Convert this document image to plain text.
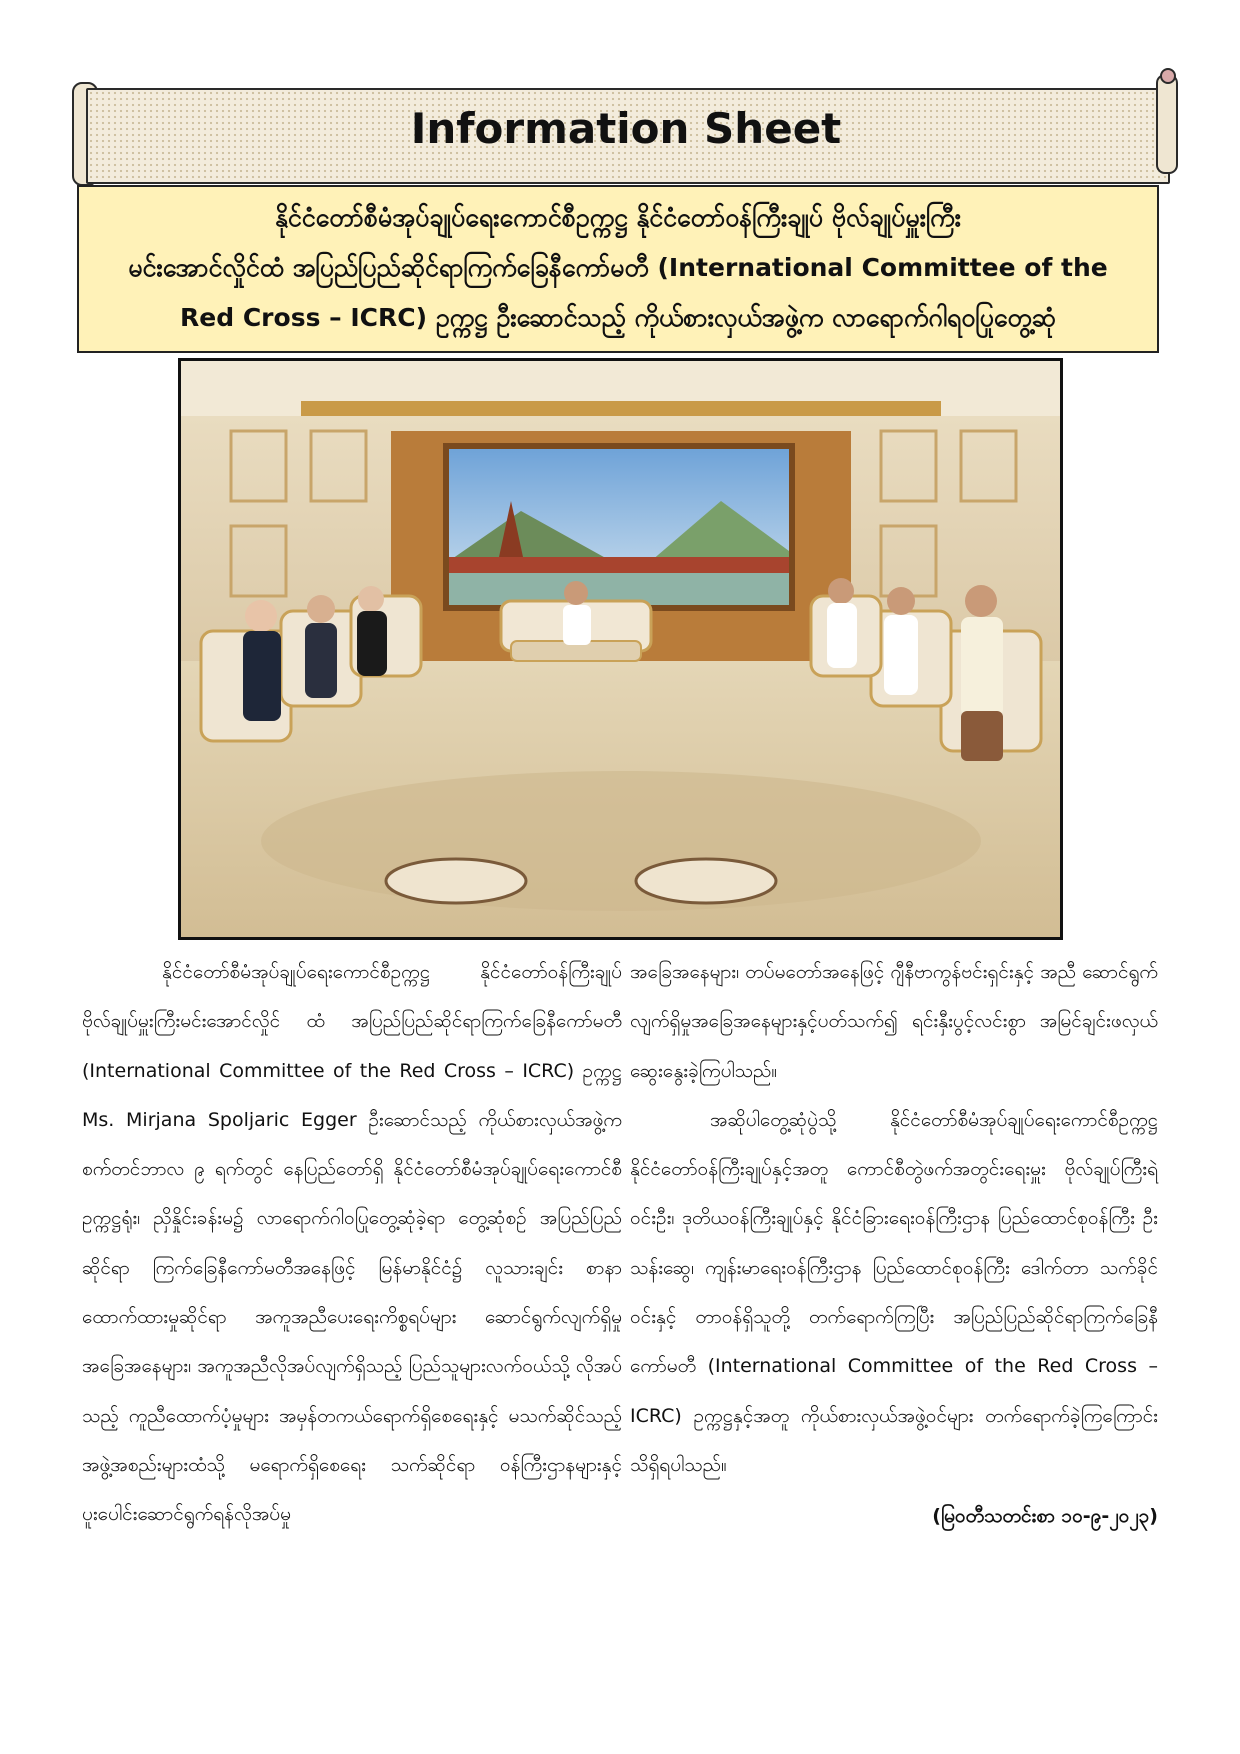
Information Sheet
နိုင်ငံတော်စီမံအုပ်ချုပ်ရေးကောင်စီဥက္ကဋ္ဌ နိုင်ငံတော်ဝန်ကြီးချုပ် ဗိုလ်ချုပ်မှူးကြီး
မင်းအောင်လှိုင်ထံ အပြည်ပြည်ဆိုင်ရာကြက်ခြေနီကော်မတီ (International Committee of the
Red Cross – ICRC) ဥက္ကဋ္ဌ ဦးဆောင်သည့် ကိုယ်စားလှယ်အဖွဲ့က လာရောက်ဂါရဝပြုတွေ့ဆုံ

နိုင်ငံတော်စီမံအုပ်ချုပ်ရေးကောင်စီဥက္ကဋ္ဌ နိုင်ငံတော်ဝန်ကြီးချုပ် ဗိုလ်ချုပ်မှူးကြီးမင်းအောင်လှိုင် ထံ အပြည်ပြည်ဆိုင်ရာကြက်ခြေနီကော်မတီ (International Committee of the Red Cross – ICRC) ဥက္ကဋ္ဌ Ms. Mirjana Spoljaric Egger ဦးဆောင်သည့် ကိုယ်စားလှယ်အဖွဲ့က စက်တင်ဘာလ ၉ ရက်တွင် နေပြည်တော်ရှိ နိုင်ငံတော်စီမံအုပ်ချုပ်ရေးကောင်စီဥက္ကဋ္ဌရုံး၊ ညှိနှိုင်းခန်းမ၌ လာရောက်ဂါဝပြုတွေ့ဆုံခဲ့ရာ တွေ့ဆုံစဉ် အပြည်ပြည်ဆိုင်ရာ ကြက်ခြေနီကော်မတီအနေဖြင့် မြန်မာနိုင်ငံ၌ လူသားချင်း စာနာထောက်ထားမှုဆိုင်ရာ အကူအညီပေးရေးကိစ္စရပ်များ ဆောင်ရွက်လျက်ရှိမှု အခြေအနေများ၊ အကူအညီလိုအပ်လျက်ရှိသည့် ပြည်သူများလက်ဝယ်သို့ လိုအပ်သည့် ကူညီထောက်ပံ့မှုများ အမှန်တကယ်ရောက်ရှိစေရေးနှင့် မသက်ဆိုင်သည့်အဖွဲ့အစည်းများထံသို့ မရောက်ရှိစေရေး သက်ဆိုင်ရာ ဝန်ကြီးဌာနများနှင့် ပူးပေါင်းဆောင်ရွက်ရန်လိုအပ်မှု

အခြေအနေများ၊ တပ်မတော်အနေဖြင့် ဂျီနီဗာကွန်ဗင်းရှင်းနှင့် အညီ ဆောင်ရွက်လျက်ရှိမှုအခြေအနေများနှင့်ပတ်သက်၍ ရင်းနှီးပွင့်လင်းစွာ အမြင်ချင်းဖလှယ် ဆွေးနွေးခဲ့ကြပါသည်။

အဆိုပါတွေ့ဆုံပွဲသို့ နိုင်ငံတော်စီမံအုပ်ချုပ်ရေးကောင်စီဥက္ကဋ္ဌ နိုင်ငံတော်ဝန်ကြီးချုပ်နှင့်အတူ ကောင်စီတွဲဖက်အတွင်းရေးမှူး ဗိုလ်ချုပ်ကြီးရဲဝင်းဦး၊ ဒုတိယဝန်ကြီးချုပ်နှင့် နိုင်ငံခြားရေးဝန်ကြီးဌာန ပြည်ထောင်စုဝန်ကြီး ဦးသန်းဆွေ၊ ကျန်းမာရေးဝန်ကြီးဌာန ပြည်ထောင်စုဝန်ကြီး ဒေါက်တာ သက်ခိုင်ဝင်းနှင့် တာဝန်ရှိသူတို့ တက်ရောက်ကြပြီး အပြည်ပြည်ဆိုင်ရာကြက်ခြေနီကော်မတီ (International Committee of the Red Cross – ICRC) ဥက္ကဋ္ဌနှင့်အတူ ကိုယ်စားလှယ်အဖွဲ့ဝင်များ တက်ရောက်ခဲ့ကြကြောင်း သိရှိရပါသည်။

(မြဝတီသတင်းစာ ၁၀-၉-၂၀၂၃)
